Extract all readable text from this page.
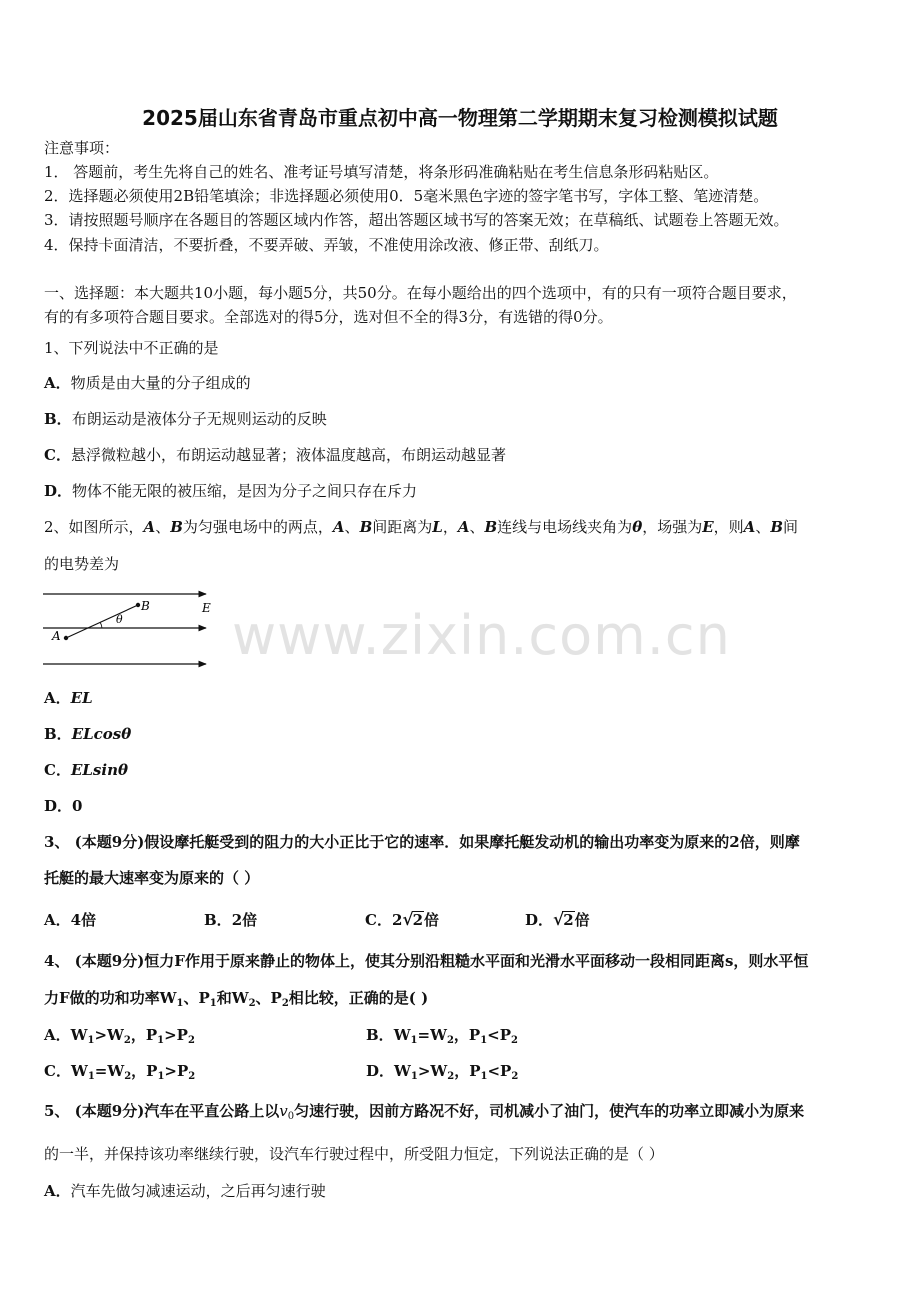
2025届山东省青岛市重点初中高一物理第二学期期末复习检测模拟试题
注意事项：
1． 答题前，考生先将自己的姓名、准考证号填写清楚，将条形码准确粘贴在考生信息条形码粘贴区。
2．选择题必须使用2B铅笔填涂；非选择题必须使用0．5毫米黑色字迹的签字笔书写，字体工整、笔迹清楚。
3．请按照题号顺序在各题目的答题区域内作答，超出答题区域书写的答案无效；在草稿纸、试题卷上答题无效。
4．保持卡面清洁，不要折叠，不要弄破、弄皱，不准使用涂改液、修正带、刮纸刀。
一、选择题：本大题共10小题，每小题5分，共50分。在每小题给出的四个选项中，有的只有一项符合题目要求，
有的有多项符合题目要求。全部选对的得5分，选对但不全的得3分，有选错的得0分。
1、下列说法中不正确的是
A．物质是由大量的分子组成的
B．布朗运动是液体分子无规则运动的反映
C．悬浮微粒越小，布朗运动越显著；液体温度越高，布朗运动越显著
D．物体不能无限的被压缩，是因为分子之间只存在斥力
2、如图所示，A、B为匀强电场中的两点，A、B间距离为L，A、B连线与电场线夹角为θ，场强为E，则A、B间
的电势差为
B
A
E
θ
A．EL
B．ELcosθ
C．ELsinθ
D．0
3、 (本题9分)假设摩托艇受到的阻力的大小正比于它的速率．如果摩托艇发动机的输出功率变为原来的2倍，则摩
托艇的最大速率变为原来的（ ）
A．4倍	B．2倍	C．2√2倍	D．√2倍
4、 (本题9分)恒力F作用于原来静止的物体上，使其分别沿粗糙水平面和光滑水平面移动一段相同距离s，则水平恒
力F做的功和功率$W_1$、$P_1$和$W_2$、$P_2$相比较，正确的是( )
A．$W_1>W_2$，$P_1>P_2$	B．$W_1=W_2$，$P_1<P_2$
C．$W_1=W_2$，$P_1>P_2$	D．$W_1>W_2$，$P_1<P_2$
5、 (本题9分)汽车在平直公路上以$v_0$匀速行驶，因前方路况不好，司机减小了油门，使汽车的功率立即减小为原来
的一半，并保持该功率继续行驶，设汽车行驶过程中，所受阻力恒定，下列说法正确的是（ ）
A．汽车先做匀减速运动，之后再匀速行驶
www.zixin.com.cn
